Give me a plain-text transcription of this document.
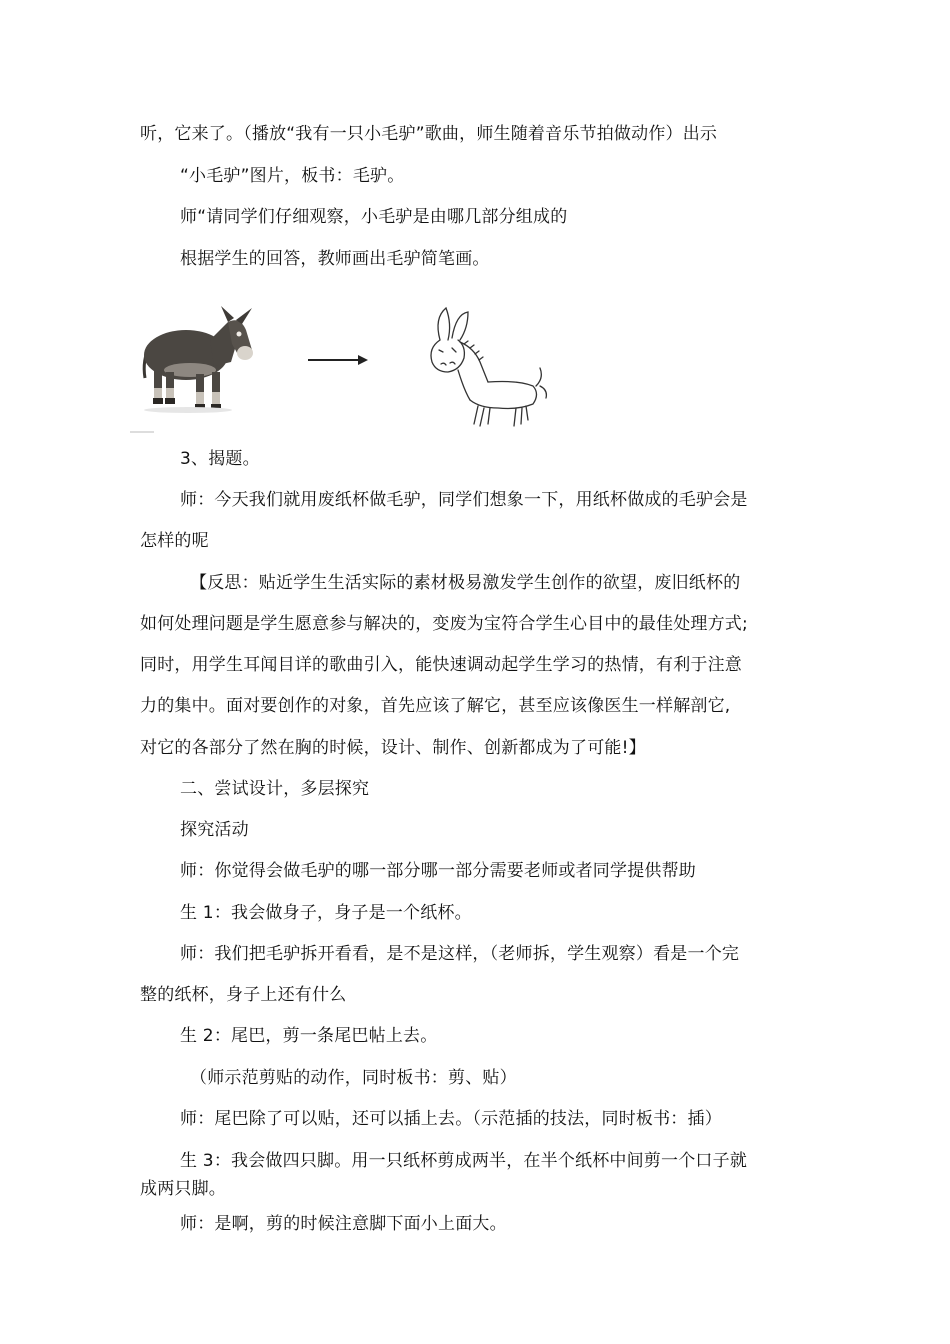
听，它来了。（播放“我有一只小毛驴”歌曲，师生随着音乐节拍做动作）出示
“小毛驴”图片，板书：毛驴。
师“请同学们仔细观察，小毛驴是由哪几部分组成的
根据学生的回答，教师画出毛驴简笔画。
3、揭题。
师：今天我们就用废纸杯做毛驴，同学们想象一下，用纸杯做成的毛驴会是
怎样的呢
【反思：贴近学生生活实际的素材极易激发学生创作的欲望，废旧纸杯的
如何处理问题是学生愿意参与解决的，变废为宝符合学生心目中的最佳处理方式;
同时，用学生耳闻目详的歌曲引入，能快速调动起学生学习的热情，有利于注意
力的集中。面对要创作的对象，首先应该了解它，甚至应该像医生一样解剖它,
对它的各部分了然在胸的时候，设计、制作、创新都成为了可能!】
二、尝试设计，多层探究
探究活动
师：你觉得会做毛驴的哪一部分哪一部分需要老师或者同学提供帮助
生 1：我会做身子，身子是一个纸杯。
师：我们把毛驴拆开看看，是不是这样，（老师拆，学生观察）看是一个完
整的纸杯，身子上还有什么
生 2：尾巴，剪一条尾巴帖上去。
（师示范剪贴的动作，同时板书：剪、贴）
师：尾巴除了可以贴，还可以插上去。（示范插的技法，同时板书：插）
生 3：我会做四只脚。用一只纸杯剪成两半，在半个纸杯中间剪一个口子就
成两只脚。
师：是啊，剪的时候注意脚下面小上面大。
